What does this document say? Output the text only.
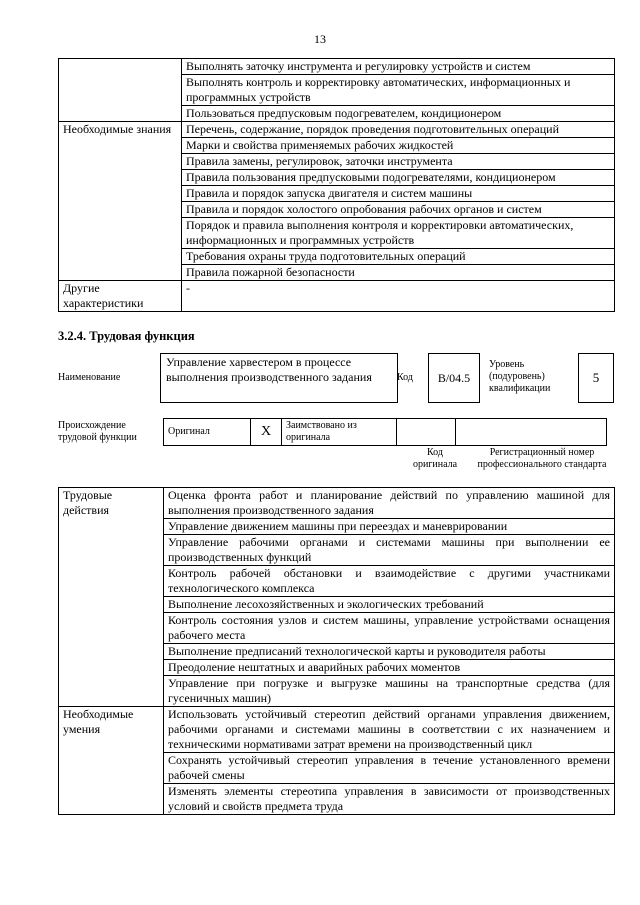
13
	Выполнять заточку инструмента и регулировку устройств и систем
	Выполнять контроль и корректировку автоматических, информационных и программных устройств
	Пользоваться предпусковым подогревателем, кондиционером
Необходимые знания	Перечень, содержание, порядок проведения подготовительных операций
	Марки и свойства применяемых рабочих жидкостей
	Правила замены, регулировок, заточки инструмента
	Правила пользования предпусковыми подогревателями, кондиционером
	Правила и порядок запуска двигателя и систем машины
	Правила и порядок холостого опробования рабочих органов и систем
	Порядок и правила выполнения контроля и корректировки автоматических, информационных и программных устройств
	Требования охраны труда подготовительных операций
	Правила пожарной безопасности
Другие характеристики	-
3.2.4. Трудовая функция
Наименование
Управление харвестером в процессе выполнения производственного задания	Код	В/04.5
Уровень (подуровень) квалификации
5
Происхождение трудовой функции
Оригинал	X	Заимствовано из оригинала		
Код оригинала
Регистрационный номер профессионального стандарта
Трудовые действия	Оценка фронта работ и планирование действий по управлению машиной для выполнения производственного задания
	Управление движением машины при переездах и маневрировании
	Управление рабочими органами и системами машины при выполнении ее производственных функций
	Контроль рабочей обстановки и взаимодействие с другими участниками технологического комплекса
	Выполнение лесохозяйственных и экологических требований
	Контроль состояния узлов и систем машины, управление устройствами оснащения рабочего места
	Выполнение предписаний технологической карты и руководителя работы
	Преодоление нештатных и аварийных рабочих моментов
	Управление при погрузке и выгрузке машины на транспортные средства (для гусеничных машин)
Необходимые умения	Использовать устойчивый стереотип действий органами управления движением, рабочими органами и системами машины в соответствии с их назначением и техническими нормативами затрат времени на производственный цикл
	Сохранять устойчивый стереотип управления в течение установленного времени рабочей смены
	Изменять элементы стереотипа управления в зависимости от производственных условий и свойств предмета труда
